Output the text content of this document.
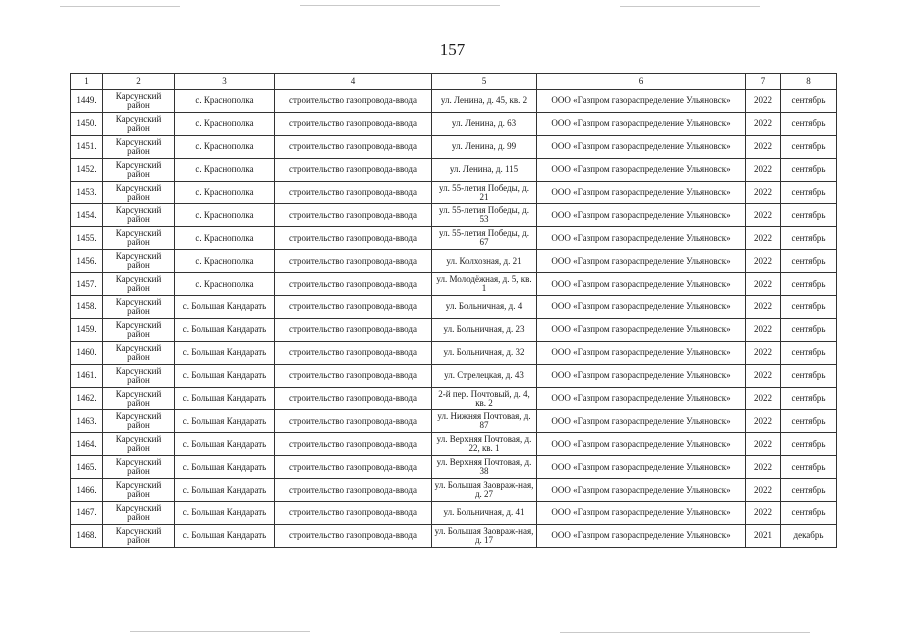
157
1	2	3	4	5	6	7	8
1449.	Карсунский район	с. Краснополка	строительство газопровода-ввода	ул. Ленина, д. 45, кв. 2	ООО «Газпром газораспределение Ульяновск»	2022	сентябрь
1450.	Карсунский район	с. Краснополка	строительство газопровода-ввода	ул. Ленина, д. 63	ООО «Газпром газораспределение Ульяновск»	2022	сентябрь
1451.	Карсунский район	с. Краснополка	строительство газопровода-ввода	ул. Ленина, д. 99	ООО «Газпром газораспределение Ульяновск»	2022	сентябрь
1452.	Карсунский район	с. Краснополка	строительство газопровода-ввода	ул. Ленина, д. 115	ООО «Газпром газораспределение Ульяновск»	2022	сентябрь
1453.	Карсунский район	с. Краснополка	строительство газопровода-ввода	ул. 55-летия Победы, д. 21	ООО «Газпром газораспределение Ульяновск»	2022	сентябрь
1454.	Карсунский район	с. Краснополка	строительство газопровода-ввода	ул. 55-летия Победы, д. 53	ООО «Газпром газораспределение Ульяновск»	2022	сентябрь
1455.	Карсунский район	с. Краснополка	строительство газопровода-ввода	ул. 55-летия Победы, д. 67	ООО «Газпром газораспределение Ульяновск»	2022	сентябрь
1456.	Карсунский район	с. Краснополка	строительство газопровода-ввода	ул. Колхозная, д. 21	ООО «Газпром газораспределение Ульяновск»	2022	сентябрь
1457.	Карсунский район	с. Краснополка	строительство газопровода-ввода	ул. Молодёжная, д. 5, кв. 1	ООО «Газпром газораспределение Ульяновск»	2022	сентябрь
1458.	Карсунский район	с. Большая Кандарать	строительство газопровода-ввода	ул. Больничная, д. 4	ООО «Газпром газораспределение Ульяновск»	2022	сентябрь
1459.	Карсунский район	с. Большая Кандарать	строительство газопровода-ввода	ул. Больничная, д. 23	ООО «Газпром газораспределение Ульяновск»	2022	сентябрь
1460.	Карсунский район	с. Большая Кандарать	строительство газопровода-ввода	ул. Больничная, д. 32	ООО «Газпром газораспределение Ульяновск»	2022	сентябрь
1461.	Карсунский район	с. Большая Кандарать	строительство газопровода-ввода	ул. Стрелецкая, д. 43	ООО «Газпром газораспределение Ульяновск»	2022	сентябрь
1462.	Карсунский район	с. Большая Кандарать	строительство газопровода-ввода	2-й пер. Почтовый, д. 4, кв. 2	ООО «Газпром газораспределение Ульяновск»	2022	сентябрь
1463.	Карсунский район	с. Большая Кандарать	строительство газопровода-ввода	ул. Нижняя Почтовая, д. 87	ООО «Газпром газораспределение Ульяновск»	2022	сентябрь
1464.	Карсунский район	с. Большая Кандарать	строительство газопровода-ввода	ул. Верхняя Почтовая, д. 22, кв. 1	ООО «Газпром газораспределение Ульяновск»	2022	сентябрь
1465.	Карсунский район	с. Большая Кандарать	строительство газопровода-ввода	ул. Верхняя Почтовая, д. 38	ООО «Газпром газораспределение Ульяновск»	2022	сентябрь
1466.	Карсунский район	с. Большая Кандарать	строительство газопровода-ввода	ул. Большая Заовраж-ная, д. 27	ООО «Газпром газораспределение Ульяновск»	2022	сентябрь
1467.	Карсунский район	с. Большая Кандарать	строительство газопровода-ввода	ул. Больничная, д. 41	ООО «Газпром газораспределение Ульяновск»	2022	сентябрь
1468.	Карсунский район	с. Большая Кандарать	строительство газопровода-ввода	ул. Большая Заовраж-ная, д. 17	ООО «Газпром газораспределение Ульяновск»	2021	декабрь
